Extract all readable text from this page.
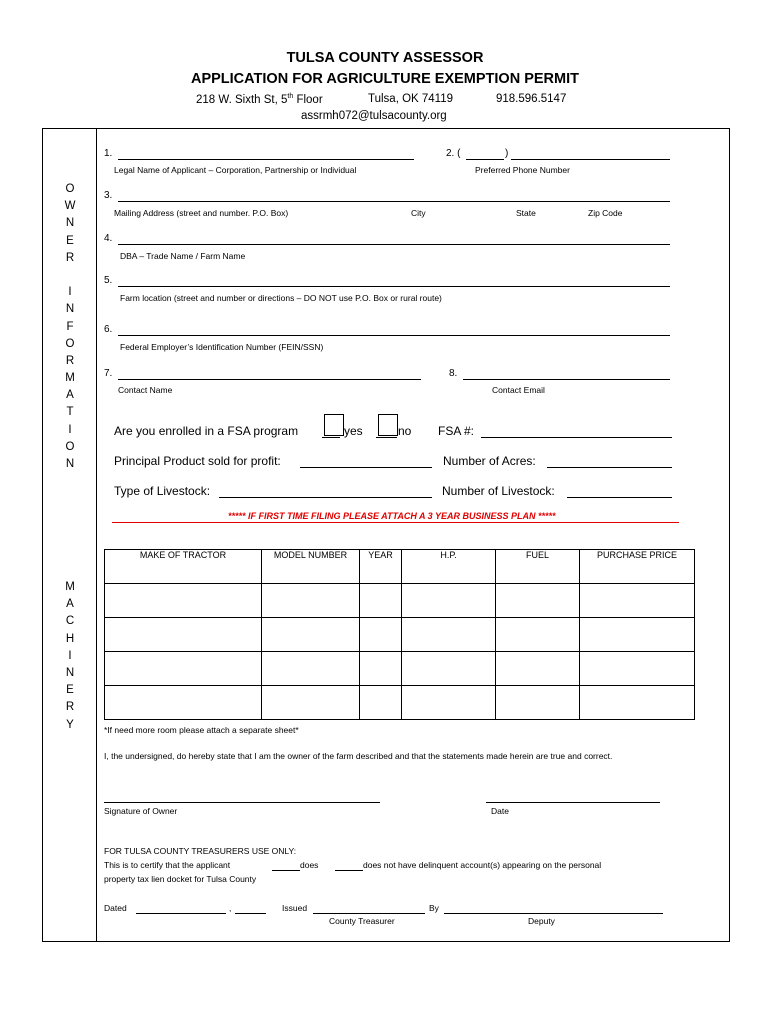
TULSA COUNTY ASSESSOR
APPLICATION FOR AGRICULTURE EXEMPTION PERMIT
218 W. Sixth St, 5th Floor	Tulsa, OK 74119	918.596.5147
assrmh072@tulsacounty.org
O
W
N
E
R

I
N
F
O
R
M
A
T
I
O
N
M
A
C
H
I
N
E
R
Y
1.
Legal Name of Applicant – Corporation, Partnership or Individual
2. (	)
Preferred Phone Number
3.
Mailing Address (street and number. P.O. Box)	City	State	Zip Code
4.
DBA – Trade Name / Farm Name
5.
Farm location (street and number or directions – DO NOT use P.O. Box or rural route)
6.
Federal Employer’s Identification Number (FEIN/SSN)
7.
Contact Name
8.
Contact Email
Are you enrolled in a FSA program	yes	no FSA #:
Principal Product sold for profit:	Number of Acres:
Type of Livestock:	Number of Livestock:
***** IF FIRST TIME FILING PLEASE ATTACH A 3 YEAR BUSINESS PLAN *****
MAKE OF TRACTOR	MODEL NUMBER	YEAR	H.P.	FUEL	PURCHASE PRICE

*If need more room please attach a separate sheet*
I, the undersigned, do hereby state that I am the owner of the farm described and that the statements made herein are true and correct.
Signature of Owner	Date
FOR TULSA COUNTY TREASURERS USE ONLY:
This is to certify that the applicant	does	does not have delinquent account(s) appearing on the personal
property tax lien docket for Tulsa County
Dated	,	Issued	By
County Treasurer	Deputy
